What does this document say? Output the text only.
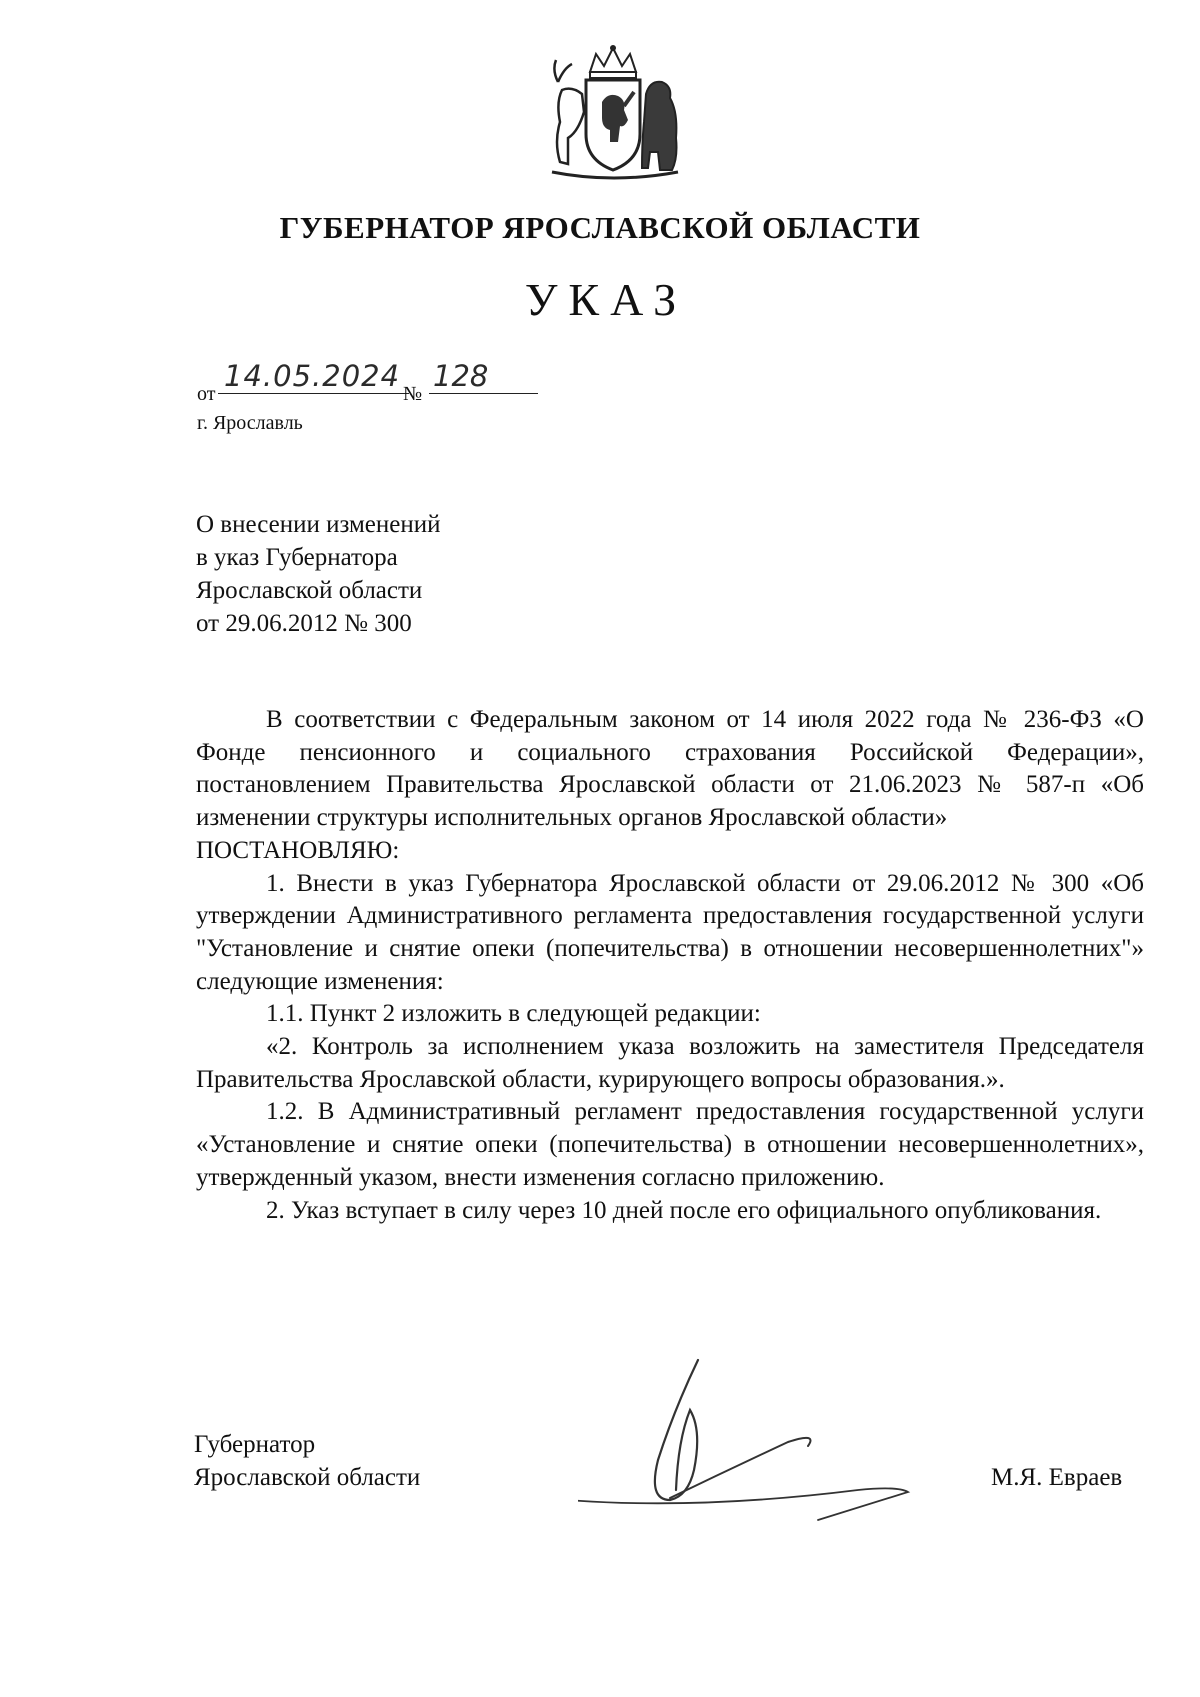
ГУБЕРНАТОР ЯРОСЛАВСКОЙ ОБЛАСТИ
УКАЗ
от
14.05.2024
№
128
г. Ярославль
О внесении изменений
в указ Губернатора
Ярославской области
от 29.06.2012 № 300

В соответствии с Федеральным законом от 14 июля 2022 года № 236-ФЗ «О Фонде пенсионного и социального страхования Российской Федерации», постановлением Правительства Ярославской области от 21.06.2023 № 587-п «Об изменении структуры исполнительных органов Ярославской области»

ПОСТАНОВЛЯЮ:

1. Внести в указ Губернатора Ярославской области от 29.06.2012 № 300 «Об утверждении Административного регламента предоставления государственной услуги "Установление и снятие опеки (попечительства) в отношении несовершеннолетних"» следующие изменения:

1.1. Пункт 2 изложить в следующей редакции:

«2. Контроль за исполнением указа возложить на заместителя Председателя Правительства Ярославской области, курирующего вопросы образования.».

1.2. В Административный регламент предоставления государственной услуги «Установление и снятие опеки (попечительства) в отношении несовершеннолетних», утвержденный указом, внести изменения согласно приложению.

2. Указ вступает в силу через 10 дней после его официального опубликования.

Губернатор
Ярославской области	М.Я. Евраев
